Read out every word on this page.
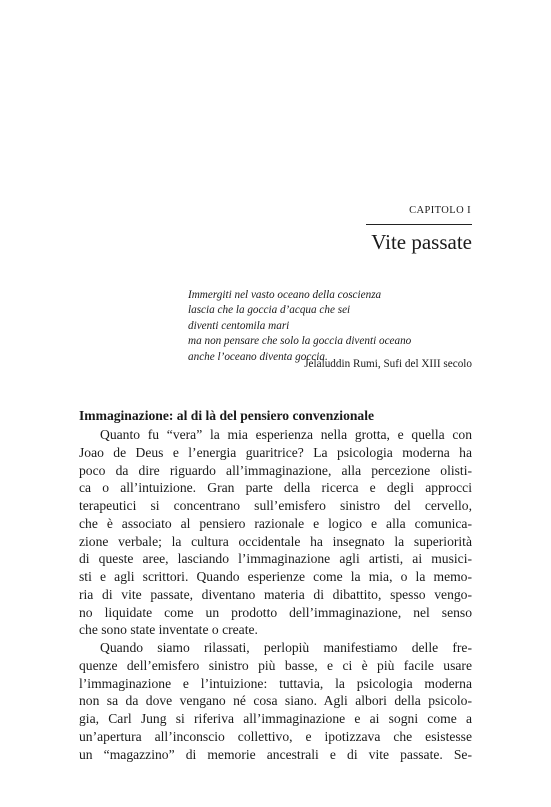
CAPITOLO I
Vite passate
Immergiti nel vasto oceano della coscienza
lascia che la goccia d’acqua che sei
diventi centomila mari
ma non pensare che solo la goccia diventi oceano
anche l’oceano diventa goccia.
Jelaluddin Rumi, Sufi del XIII secolo
Immaginazione: al di là del pensiero convenzionale
Quanto fu “vera” la mia esperienza nella grotta, e quella con
Joao de Deus e l’energia guaritrice? La psicologia moderna ha
poco da dire riguardo all’immaginazione, alla percezione olisti-
ca o all’intuizione. Gran parte della ricerca e degli approcci
terapeutici si concentrano sull’emisfero sinistro del cervello,
che è associato al pensiero razionale e logico e alla comunica-
zione verbale; la cultura occidentale ha insegnato la superiorità
di queste aree, lasciando l’immaginazione agli artisti, ai musici-
sti e agli scrittori. Quando esperienze come la mia, o la memo-
ria di vite passate, diventano materia di dibattito, spesso vengo-
no liquidate come un prodotto dell’immaginazione, nel senso
che sono state inventate o create.
Quando siamo rilassati, perlopiù manifestiamo delle fre-
quenze dell’emisfero sinistro più basse, e ci è più facile usare
l’immaginazione e l’intuizione: tuttavia, la psicologia moderna
non sa da dove vengano né cosa siano. Agli albori della psicolo-
gia, Carl Jung si riferiva all’immaginazione e ai sogni come a
un’apertura all’inconscio collettivo, e ipotizzava che esistesse
un “magazzino” di memorie ancestrali e di vite passate. Se-
